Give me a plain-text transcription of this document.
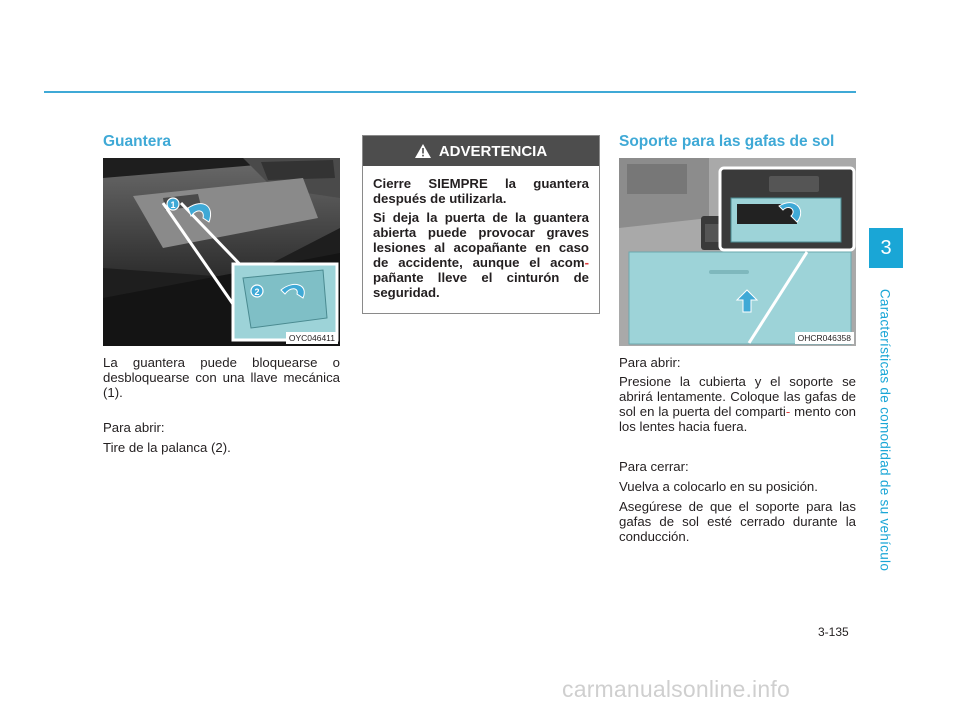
Guantera
1
2
OYC046411

La guantera puede bloquearse o desbloquearse con una llave mecánica (1).

Para abrir:

Tire de la palanca (2).

ADVERTENCIA

Cierre SIEMPRE la guantera después de utilizarla.

Si deja la puerta de la guantera abierta puede provocar graves lesiones al acopañante en caso de accidente, aunque el acom- pañante lleve el cinturón de seguridad.

Soporte para las gafas de sol
OHCR046358

Para abrir:

Presione la cubierta y el soporte se abrirá lentamente. Coloque las gafas de sol en la puerta del comparti- mento con los lentes hacia fuera.

Para cerrar:

Vuelva a colocarlo en su posición.

Asegúrese de que el soporte para las gafas de sol esté cerrado durante la conducción.

3
Características de comodidad de su vehículo
3-135
carmanualsonline.info
